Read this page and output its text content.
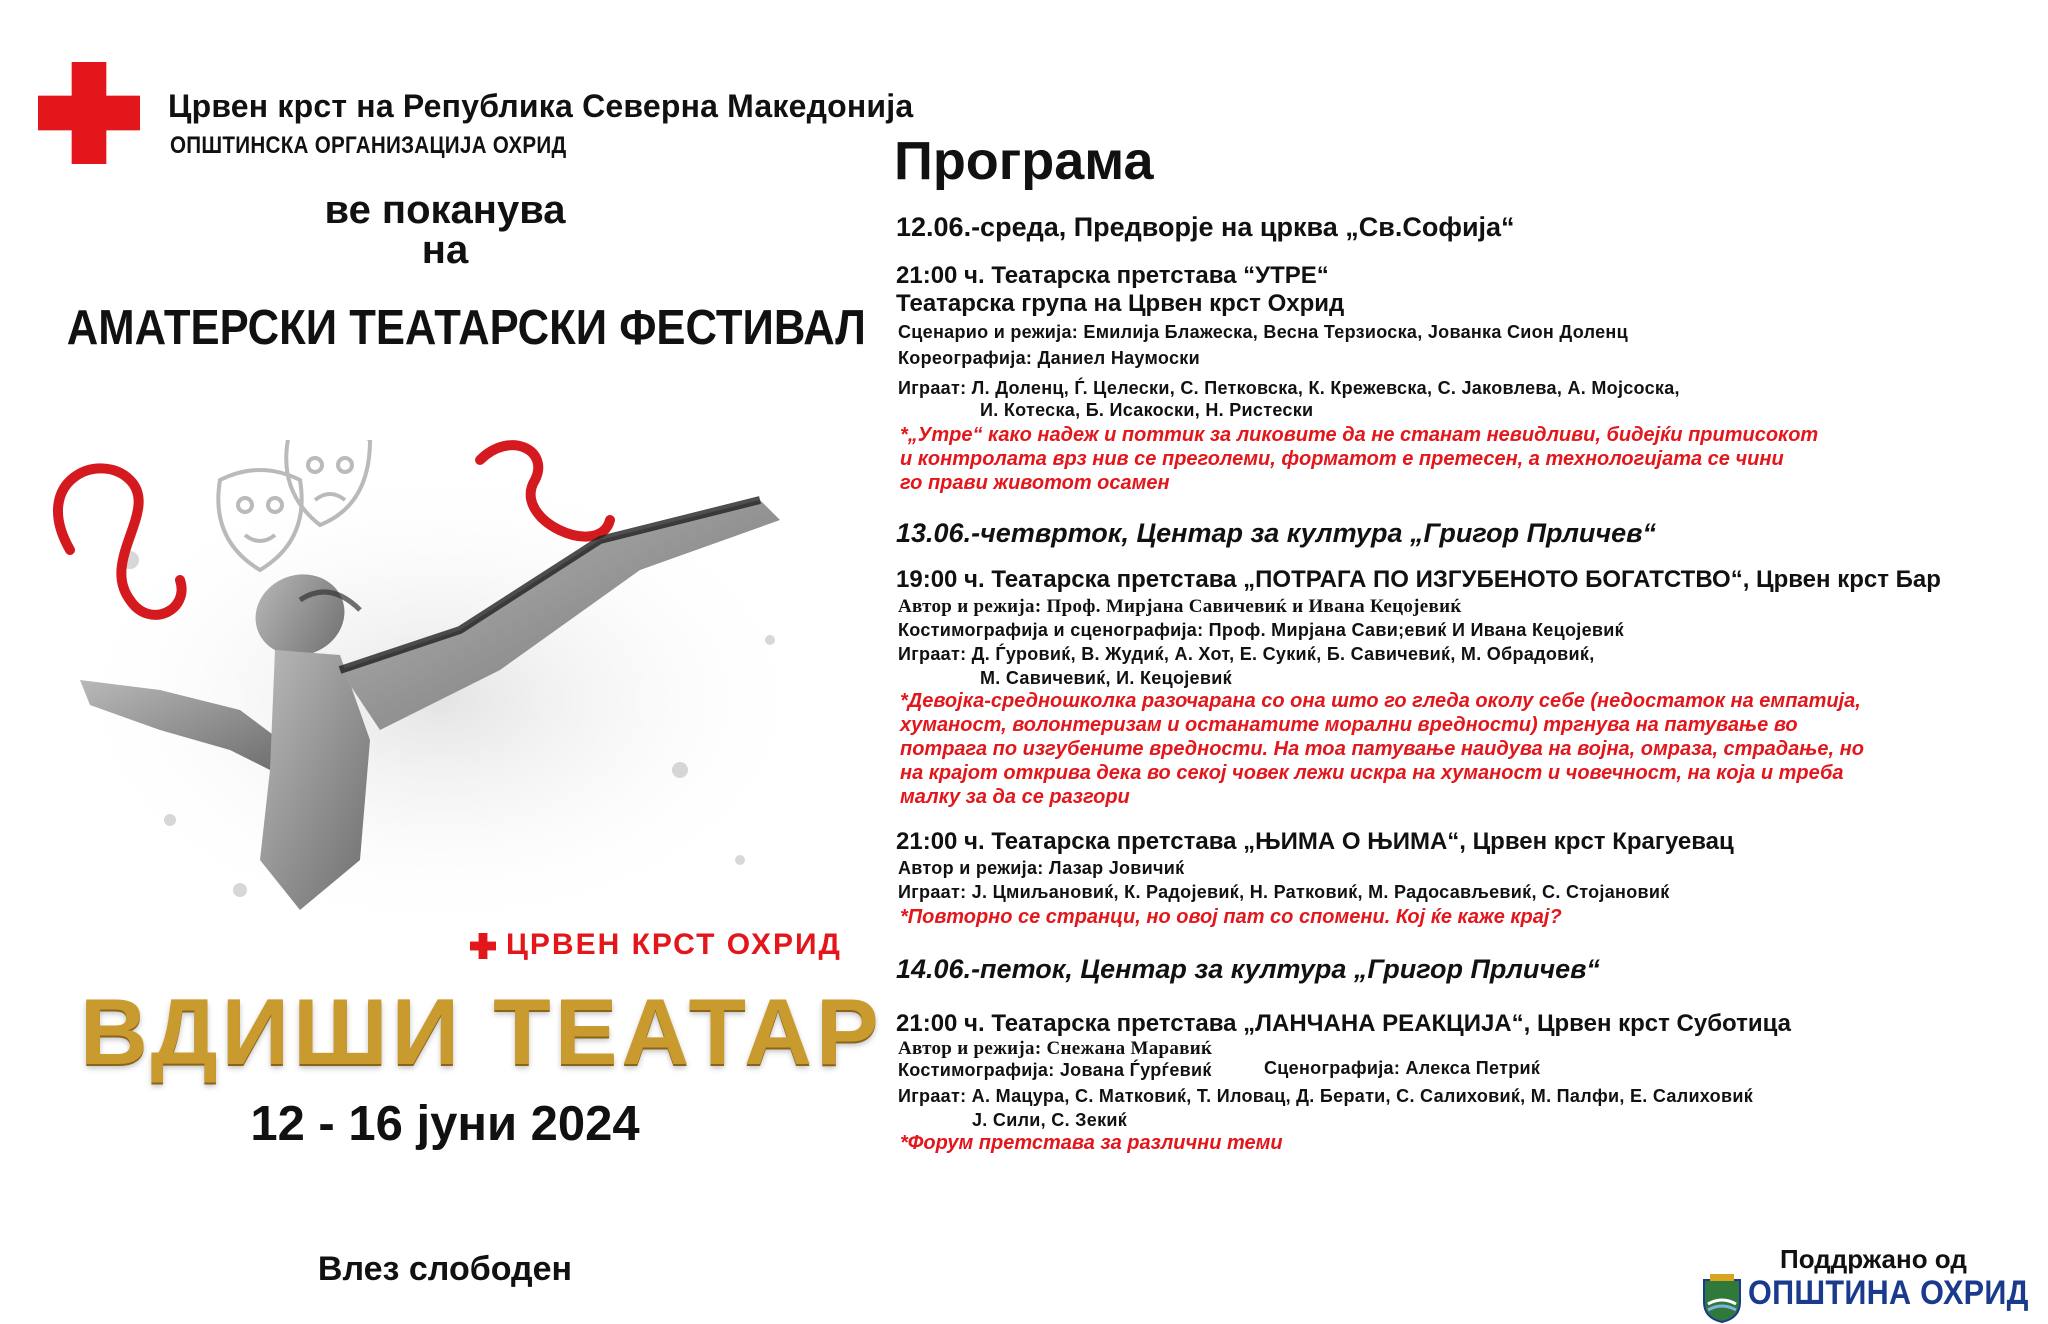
Црвен крст на Република Северна Македонија
ОПШТИНСКА ОРГАНИЗАЦИЈА ОХРИД
ве поканува
на
АМАТЕРСКИ ТЕАТАРСКИ ФЕСТИВАЛ
ЦРВЕН КРСТ ОХРИД
ВДИШИ ТЕАТАР
12 - 16 јуни 2024
Влез слободен
Програма
12.06.-среда, Предворје на црква „Св.Софија“
21:00 ч. Театарска претстава “УТРЕ“
Театарска група на Црвен крст Охрид
Сценарио и режија: Емилија Блажеска, Весна Терзиоска, Јованка Сион Доленц
Кореографија: Даниел Наумоски
Играат: Л. Доленц, Ѓ. Целески, С. Петковска, К. Крежевска, С. Јаковлева, А. Мојсоска,
И. Котеска, Б. Исакоски, Н. Ристески
*„Утре“ како надеж и поттик за ликовите да не станат невидливи, бидејќи притисокот
и контролата врз нив се преголеми, форматот е претесен, а технологијата се чини
го прави животот осамен
13.06.-четврток, Центар за култура „Григор Прличев“
19:00 ч. Театарска претстава „ПОТРАГА ПО ИЗГУБЕНОТО БОГАТСТВО“, Црвен крст Бар
Автор и режија: Проф. Мирјана Савичевиќ и Ивана Кецојевиќ
Костимографија и сценографија: Проф. Мирјана Сави;евиќ И Ивана Кецојевиќ
Играат: Д. Ѓуровиќ, В. Жудиќ, А. Хот, Е. Сукиќ, Б. Савичевиќ, М. Обрадовиќ,
М. Савичевиќ, И. Кецојевиќ
*Девојка-средношколка разочарана со она што го гледа околу себе (недостаток на емпатија,
хуманост, волонтеризам и останатите морални вредности) тргнува на патување во
потрага по изгубените вредности. На тоа патување наидува на војна, омраза, страдање, но
на крајот открива дека во секој човек лежи искра на хуманост и човечност, на која и треба
малку за да се разгори
21:00 ч. Театарска претстава „ЊИМА О ЊИМА“, Црвен крст Крагуевац
Автор и режија: Лазар Јовичиќ
Играат: Ј. Цмиљановиќ, К. Радојевиќ, Н. Ратковиќ, М. Радосављевиќ, С. Стојановиќ
*Повторно се странци, но овој пат со спомени. Кој ќе каже крај?
14.06.-петок, Центар за култура „Григор Прличев“
21:00 ч. Театарска претстава „ЛАНЧАНА РЕАКЦИЈА“, Црвен крст Суботица
Автор и режија: Снежана Маравиќ
Костимографија: Јована Ѓурѓевиќ	Сценографија: Алекса Петриќ
Играат: А. Мацура, С. Матковиќ, Т. Иловац, Д. Берати, С. Салиховиќ, М. Палфи, Е. Салиховиќ
Ј. Сили, С. Зекиќ
*Форум претстава за различни теми
Поддржано од
ОПШТИНА ОХРИД
